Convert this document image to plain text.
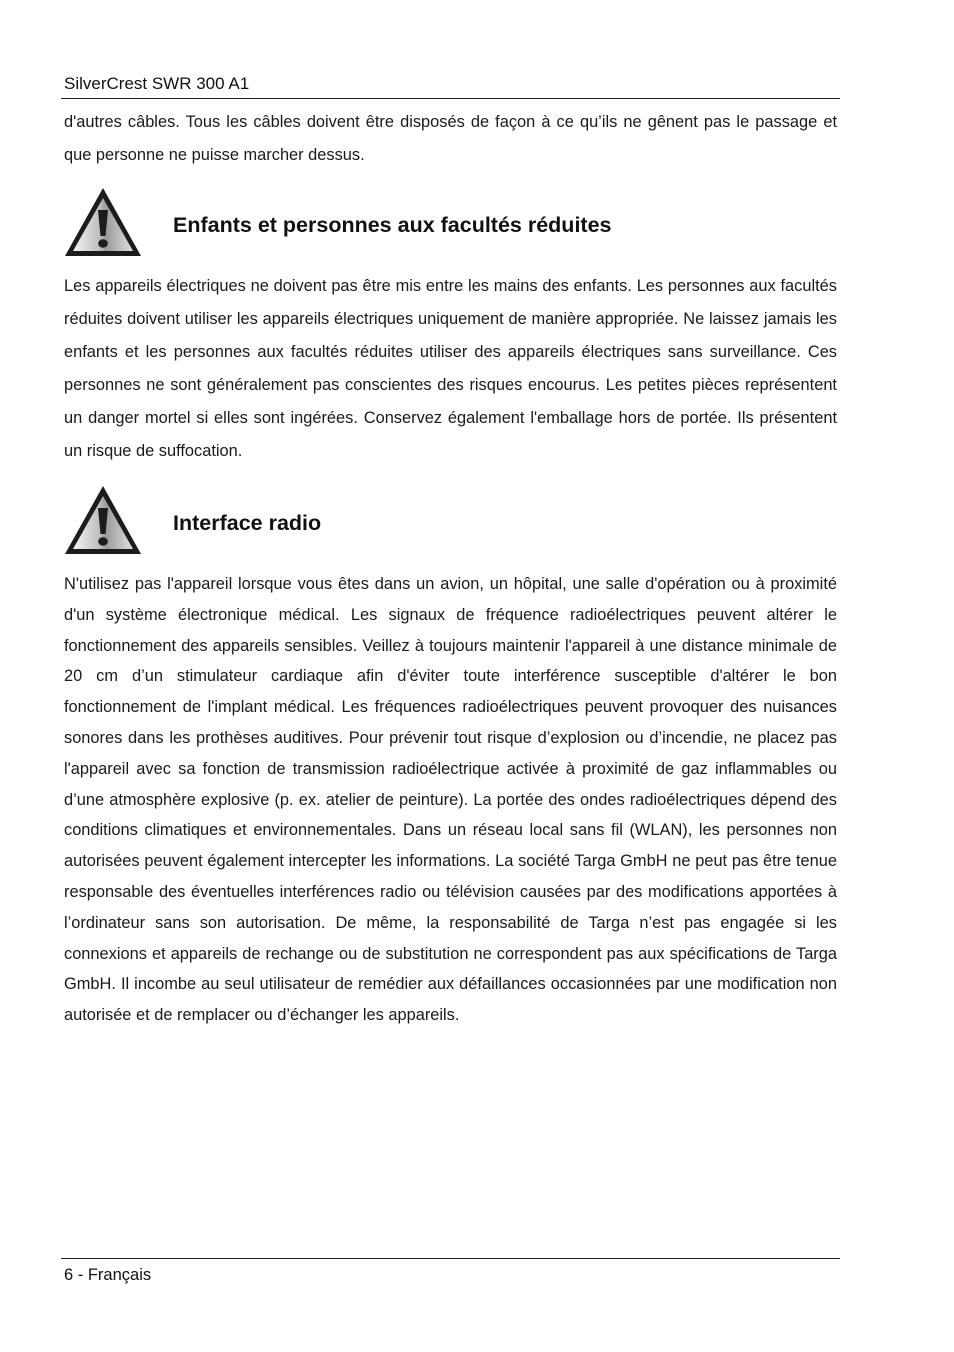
SilverCrest SWR 300 A1

d'autres câbles. Tous les câbles doivent être disposés de façon à ce qu’ils ne gênent pas le passage et que personne ne puisse marcher dessus.

Enfants et personnes aux facultés réduites

Les appareils électriques ne doivent pas être mis entre les mains des enfants. Les personnes aux facultés réduites doivent utiliser les appareils électriques uniquement de manière appropriée. Ne laissez jamais les enfants et les personnes aux facultés réduites utiliser des appareils électriques sans surveillance. Ces personnes ne sont généralement pas conscientes des risques encourus. Les petites pièces représentent un danger mortel si elles sont ingérées. Conservez également l'emballage hors de portée. Ils présentent un risque de suffocation.

Interface radio

N'utilisez pas l'appareil lorsque vous êtes dans un avion, un hôpital, une salle d'opération ou à proximité d'un système électronique médical. Les signaux de fréquence radioélectriques peuvent altérer le fonctionnement des appareils sensibles. Veillez à toujours maintenir l'appareil à une distance minimale de 20 cm d’un stimulateur cardiaque afin d'éviter toute interférence susceptible d'altérer le bon fonctionnement de l'implant médical. Les fréquences radioélectriques peuvent provoquer des nuisances sonores dans les prothèses auditives. Pour prévenir tout risque d’explosion ou d’incendie, ne placez pas l'appareil avec sa fonction de transmission radioélectrique activée à proximité de gaz inflammables ou d’une atmosphère explosive (p. ex. atelier de peinture). La portée des ondes radioélectriques dépend des conditions climatiques et environnementales. Dans un réseau local sans fil (WLAN), les personnes non autorisées peuvent également intercepter les informations. La société Targa GmbH ne peut pas être tenue responsable des éventuelles interférences radio ou télévision causées par des modifications apportées à l’ordinateur sans son autorisation. De même, la responsabilité de Targa n’est pas engagée si les connexions et appareils de rechange ou de substitution ne correspondent pas aux spécifications de Targa GmbH. Il incombe au seul utilisateur de remédier aux défaillances occasionnées par une modification non autorisée et de remplacer ou d’échanger les appareils.

6 - Français
